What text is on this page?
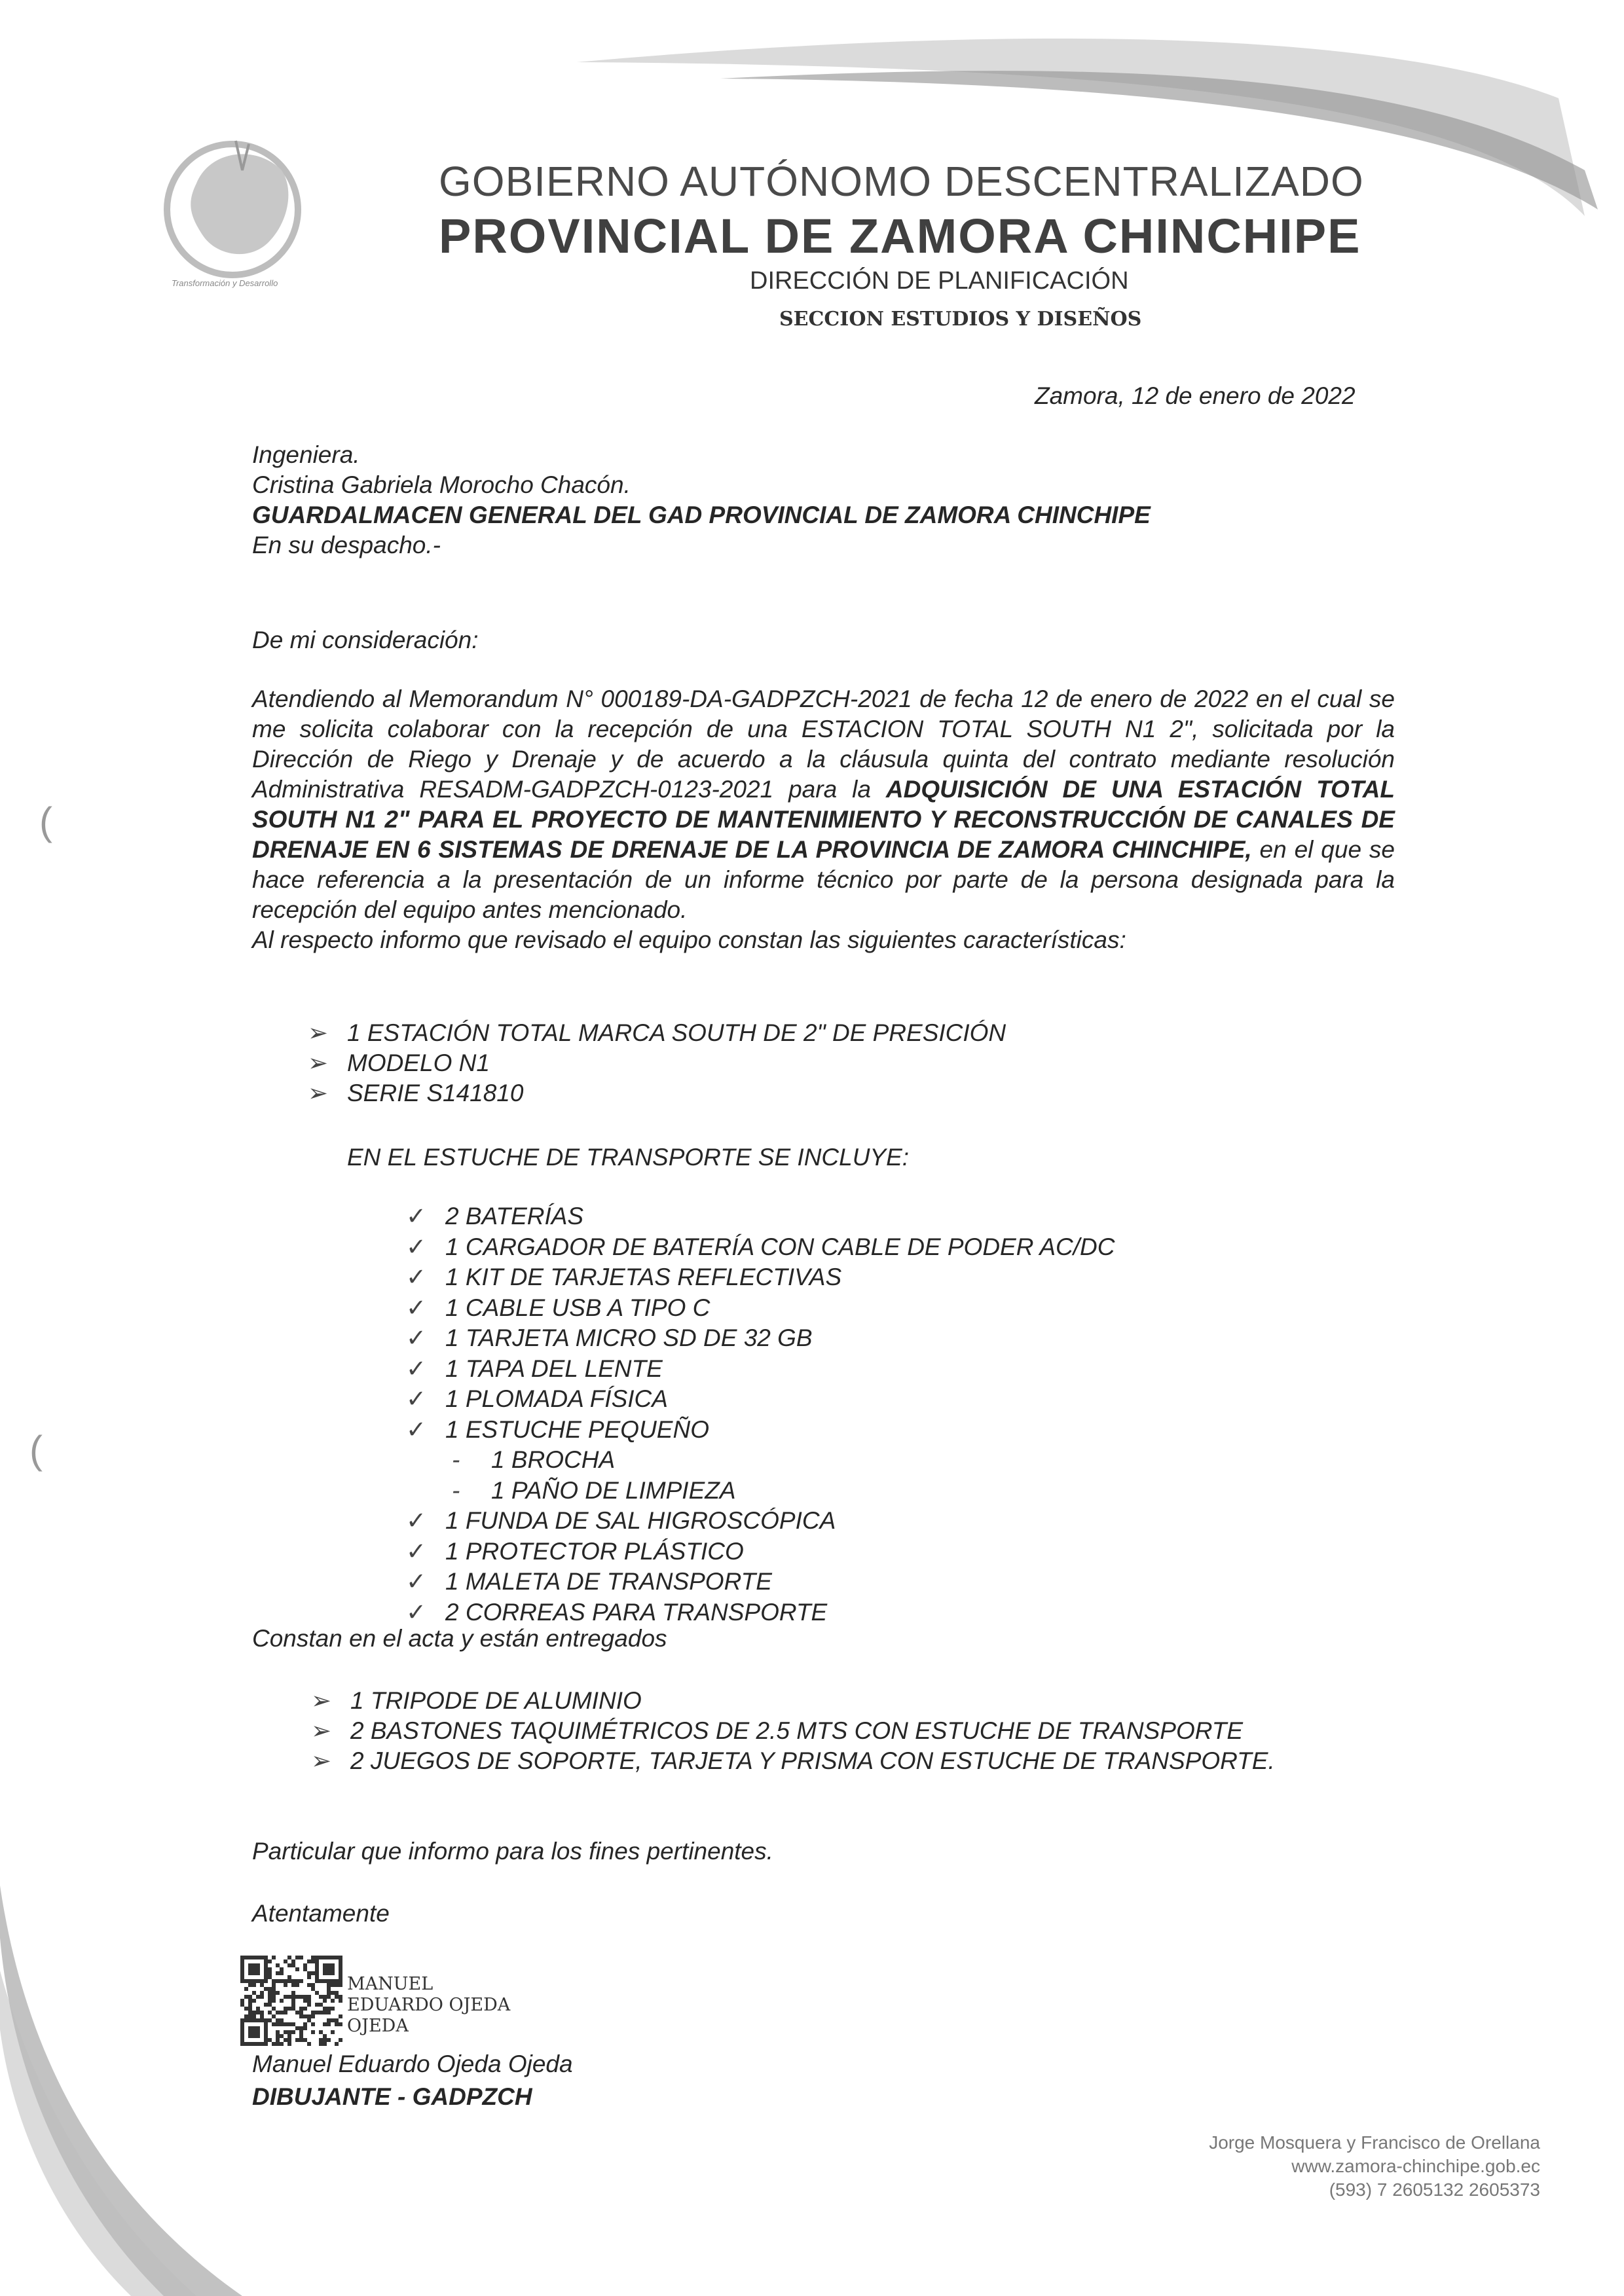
Transformación y Desarrollo
GOBIERNO AUTÓNOMO DESCENTRALIZADO
PROVINCIAL DE ZAMORA CHINCHIPE
DIRECCIÓN DE PLANIFICACIÓN
SECCION ESTUDIOS Y DISEÑOS
Zamora, 12 de enero de 2022
Ingeniera.
Cristina Gabriela Morocho Chacón.
GUARDALMACEN GENERAL DEL GAD PROVINCIAL DE ZAMORA CHINCHIPE
En su despacho.-
De mi consideración:

Atendiendo al Memorandum N° 000189-DA-GADPZCH-2021 de fecha 12 de enero de 2022 en el cual se me solicita colaborar con la recepción de una ESTACION TOTAL SOUTH N1 2", solicitada por la Dirección de Riego y Drenaje y de acuerdo a la cláusula quinta del contrato mediante resolución Administrativa RESADM-GADPZCH-0123-2021 para la ADQUISICIÓN DE UNA ESTACIÓN TOTAL SOUTH N1 2" PARA EL PROYECTO DE MANTENIMIENTO Y RECONSTRUCCIÓN DE CANALES DE DRENAJE EN 6 SISTEMAS DE DRENAJE DE LA PROVINCIA DE ZAMORA CHINCHIPE, en el que se hace referencia a la presentación de un informe técnico por parte de la persona designada para la recepción del equipo antes mencionado.

Al respecto informo que revisado el equipo constan las siguientes características:

➢ 1 ESTACIÓN TOTAL MARCA SOUTH DE 2" DE PRESICIÓN
➢ MODELO N1
➢ SERIE S141810
EN EL ESTUCHE DE TRANSPORTE SE INCLUYE:
✓ 2 BATERÍAS
✓ 1 CARGADOR DE BATERÍA CON CABLE DE PODER AC/DC
✓ 1 KIT DE TARJETAS REFLECTIVAS
✓ 1 CABLE USB A TIPO C
✓ 1 TARJETA MICRO SD DE 32 GB
✓ 1 TAPA DEL LENTE
✓ 1 PLOMADA FÍSICA
✓ 1 ESTUCHE PEQUEÑO
- 1 BROCHA
- 1 PAÑO DE LIMPIEZA
✓ 1 FUNDA DE SAL HIGROSCÓPICA
✓ 1 PROTECTOR PLÁSTICO
✓ 1 MALETA DE TRANSPORTE
✓ 2 CORREAS PARA TRANSPORTE
Constan en el acta y están entregados
➢ 1 TRIPODE DE ALUMINIO
➢ 2 BASTONES TAQUIMÉTRICOS DE 2.5 MTS CON ESTUCHE DE TRANSPORTE
➢ 2 JUEGOS DE SOPORTE, TARJETA Y PRISMA CON ESTUCHE DE TRANSPORTE.
Particular que informo para los fines pertinentes.
Atentamente
MANUEL
EDUARDO OJEDA
OJEDA
Manuel Eduardo Ojeda Ojeda
DIBUJANTE - GADPZCH
Jorge Mosquera y Francisco de Orellana
www.zamora-chinchipe.gob.ec
(593) 7 2605132 2605373
(
(
